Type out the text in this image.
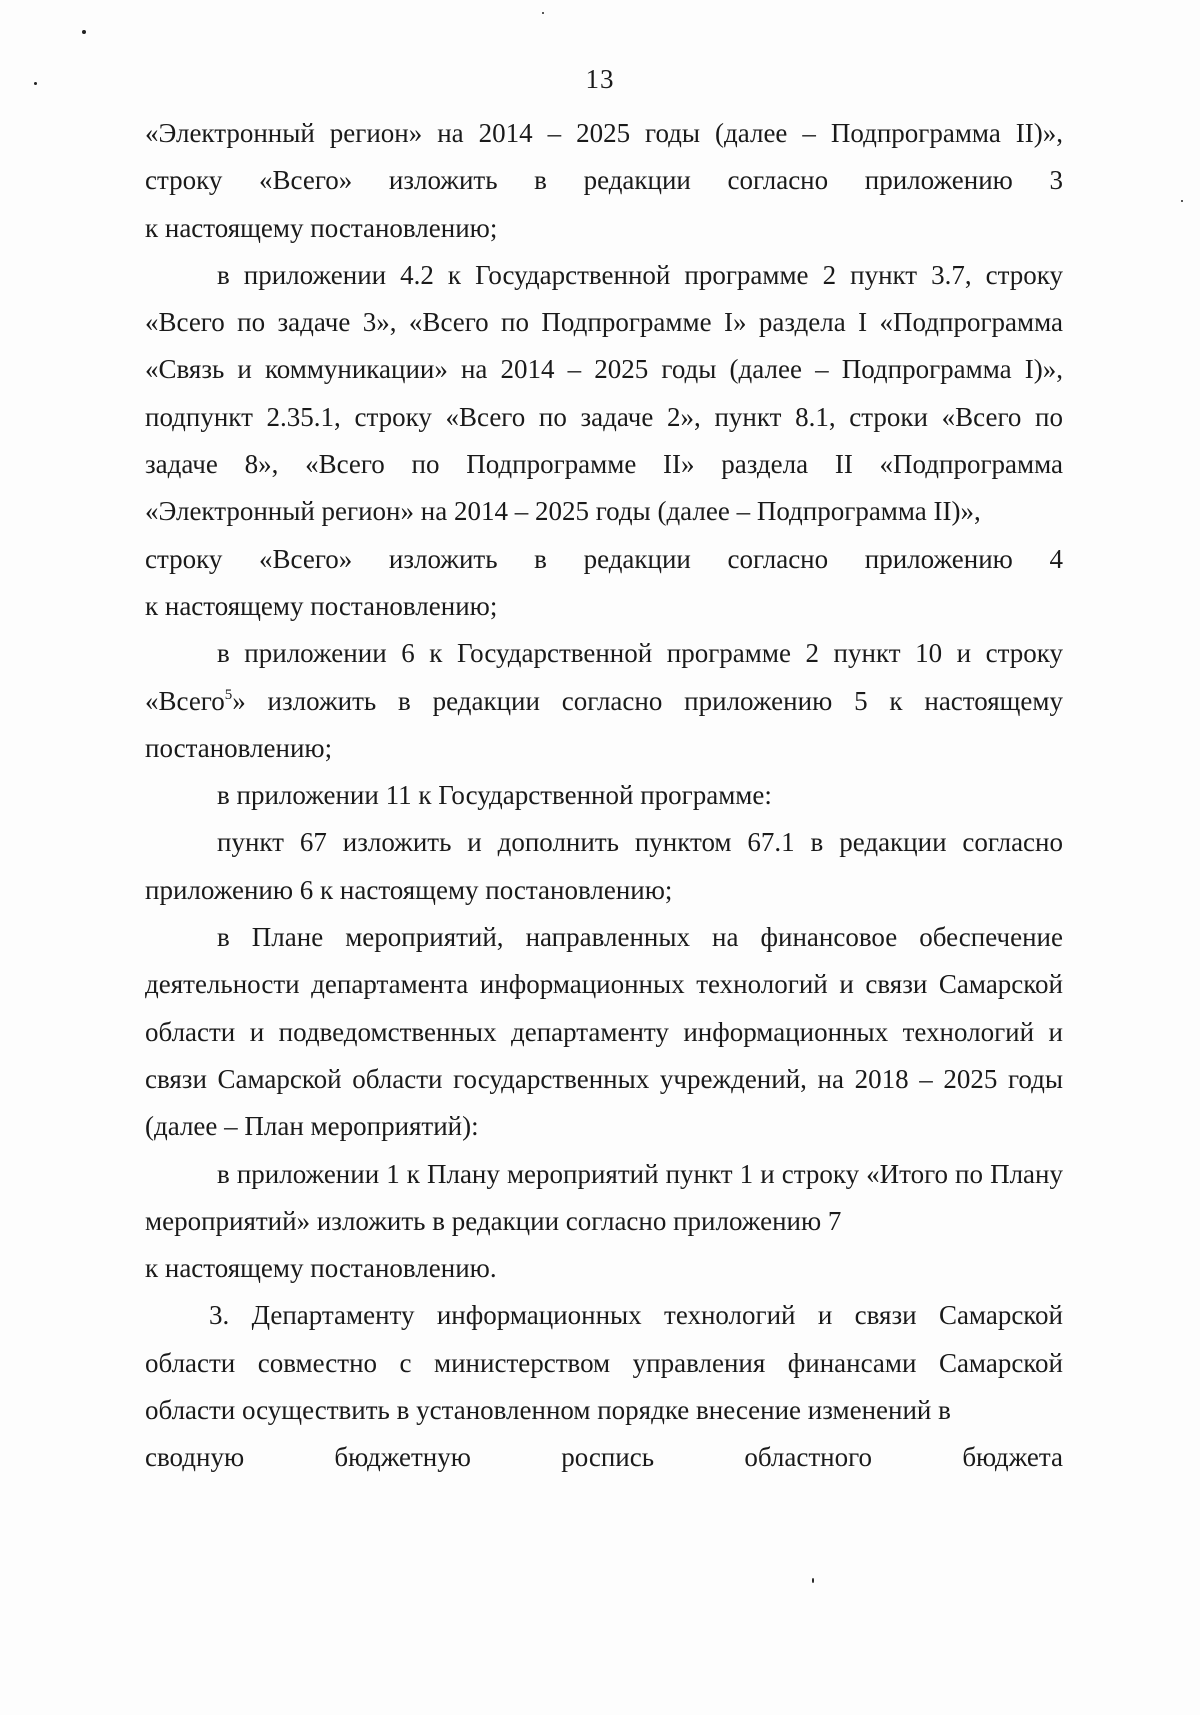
13
«Электронный регион» на 2014 – 2025 годы (далее – Подпрограмма II)»,
строку «Всего» изложить в редакции согласно приложению 3
к настоящему постановлению;
в приложении 4.2 к Государственной программе 2 пункт 3.7, строку «Всего по задаче 3», «Всего по Подпрограмме I» раздела I «Подпрограмма «Связь и коммуникации» на 2014 – 2025 годы (далее – Подпрограмма I)», подпункт 2.35.1, строку «Всего по задаче 2», пункт 8.1, строки «Всего по задаче 8», «Всего по Подпрограмме II» раздела II «Подпрограмма «Электронный регион» на 2014 – 2025 годы (далее – Подпрограмма II)»,
строку «Всего» изложить в редакции согласно приложению 4
к настоящему постановлению;
в приложении 6 к Государственной программе 2 пункт 10 и строку «Всего$^5$» изложить в редакции согласно приложению 5 к настоящему постановлению;
в приложении 11 к Государственной программе:
пункт 67 изложить и дополнить пунктом 67.1 в редакции согласно приложению 6 к настоящему постановлению;
в Плане мероприятий, направленных на финансовое обеспечение деятельности департамента информационных технологий и связи Самарской области и подведомственных департаменту информационных технологий и связи Самарской области государственных учреждений, на 2018 – 2025 годы (далее – План мероприятий):
в приложении 1 к Плану мероприятий пункт 1 и строку «Итого по Плану мероприятий» изложить в редакции согласно приложению 7
к настоящему постановлению.
3. Департаменту информационных технологий и связи Самарской области совместно с министерством управления финансами Самарской области осуществить в установленном порядке внесение изменений в
сводную бюджетную роспись областного бюджета
